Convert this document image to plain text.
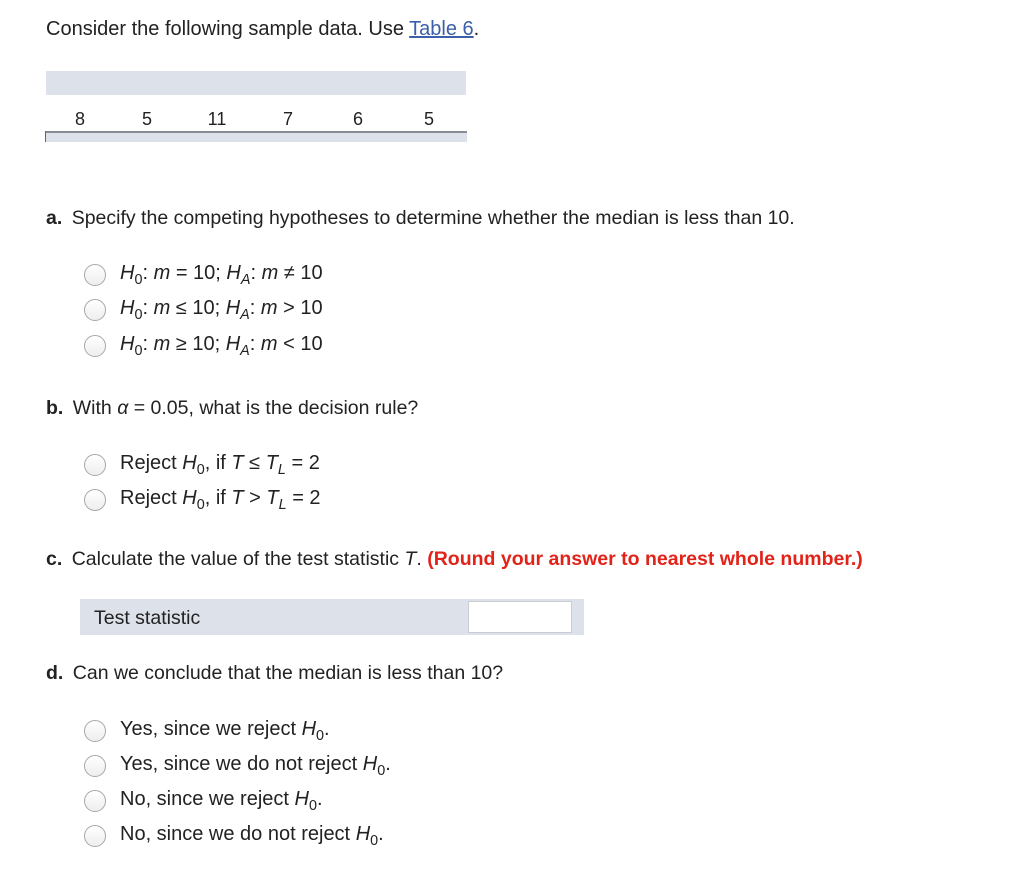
Consider the following sample data. Use Table 6.
8	5	11	7	6	5
a. Specify the competing hypotheses to determine whether the median is less than 10.
$H_0$: m = 10; $H_A$: m ≠ 10
$H_0$: m ≤ 10; $H_A$: m > 10
$H_0$: m ≥ 10; $H_A$: m < 10
b. With α = 0.05, what is the decision rule?
Reject $H_0$, if $T \le T_L = 2$
Reject $H_0$, if $T > T_L = 2$
c. Calculate the value of the test statistic T. (Round your answer to nearest whole number.)
Test statistic
d. Can we conclude that the median is less than 10?
Yes, since we reject $H_0$.
Yes, since we do not reject $H_0$.
No, since we reject $H_0$.
No, since we do not reject $H_0$.
